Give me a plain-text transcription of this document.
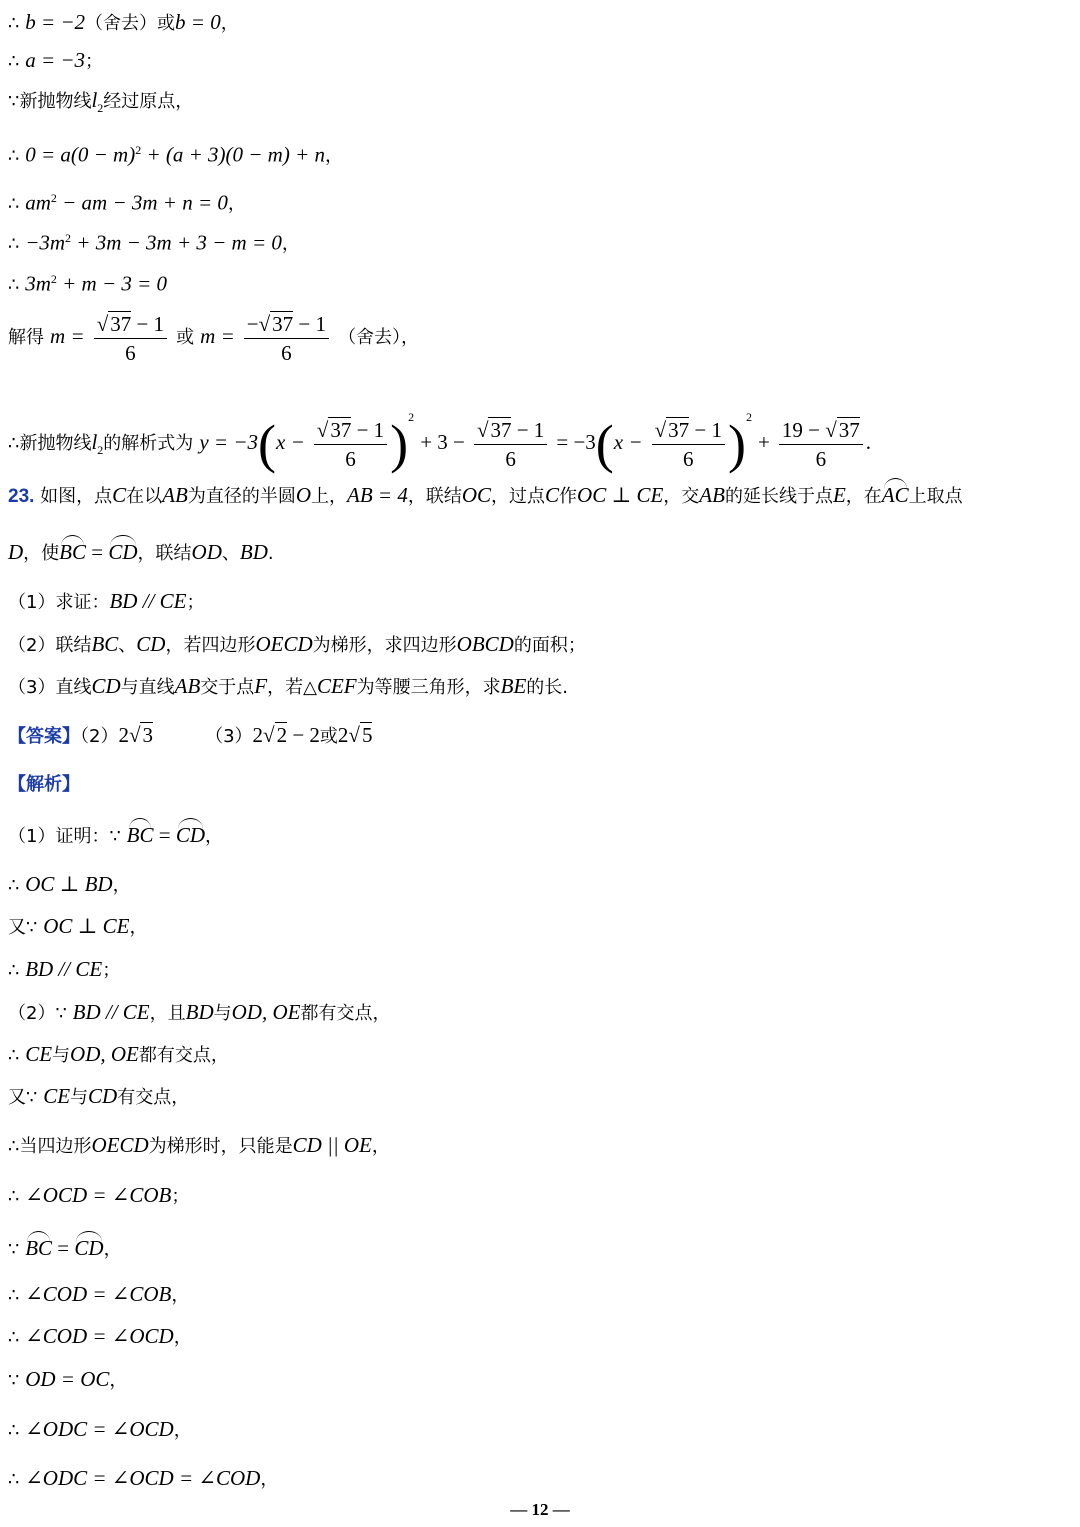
∴ b = −2（舍去）或b = 0，
∴ a = −3；
∵新抛物线$l_2$经过原点，
∴ $0 = a(0 - m)^2 + (a + 3)(0 - m) + n$，
∴ $am^2$ − am − 3m + n = 0，
∴ $-3m^2 + 3m - 3m + 3 - m = 0$，
∴ $3m^2 + m - 3 = 0$
解得 $m = \frac{√37 - 1}{6}$ 或 $m = \frac{-√37 - 1}{6}$ （舍去），
∴新抛物线$l_2$的解析式为 $y = -3(x - \frac{√37 - 1}{6} )^2 + 3 - \frac{√37 - 1}{6} = -3(x - \frac{√37 - 1}{6} )^2 + \frac{19 - √37}{6}$ .
23. 如图，点C在以AB为直径的半圆O上，AB = 4，联结OC，过点C作OC ⊥ CE，交AB的延长线于点E，在AC上取点
D，使BC = CD，联结OD、BD.
（1）求证：BD // CE；
（2）联结BC、CD，若四边形OECD为梯形，求四边形OBCD的面积；
（3）直线CD与直线AB交于点F，若△CEF为等腰三角形，求BE的长.
【答案】（2）2√3	（3）2√2 − 2或2√5
【解析】
（1）证明：∵ BC = CD，
∴ OC ⊥ BD，
又∵ OC ⊥ CE，
∴ BD // CE；
（2）∵ BD // CE，且BD与OD, OE都有交点，
∴ CE与OD, OE都有交点，
又∵ CE与CD有交点，
∴当四边形OECD为梯形时，只能是CD || OE，
∴ ∠OCD = ∠COB；
∵ BC = CD，
∴ ∠COD = ∠COB，
∴ ∠COD = ∠OCD，
∵ OD = OC，
∴ ∠ODC = ∠OCD，
∴ ∠ODC = ∠OCD = ∠COD，
— 12 —
